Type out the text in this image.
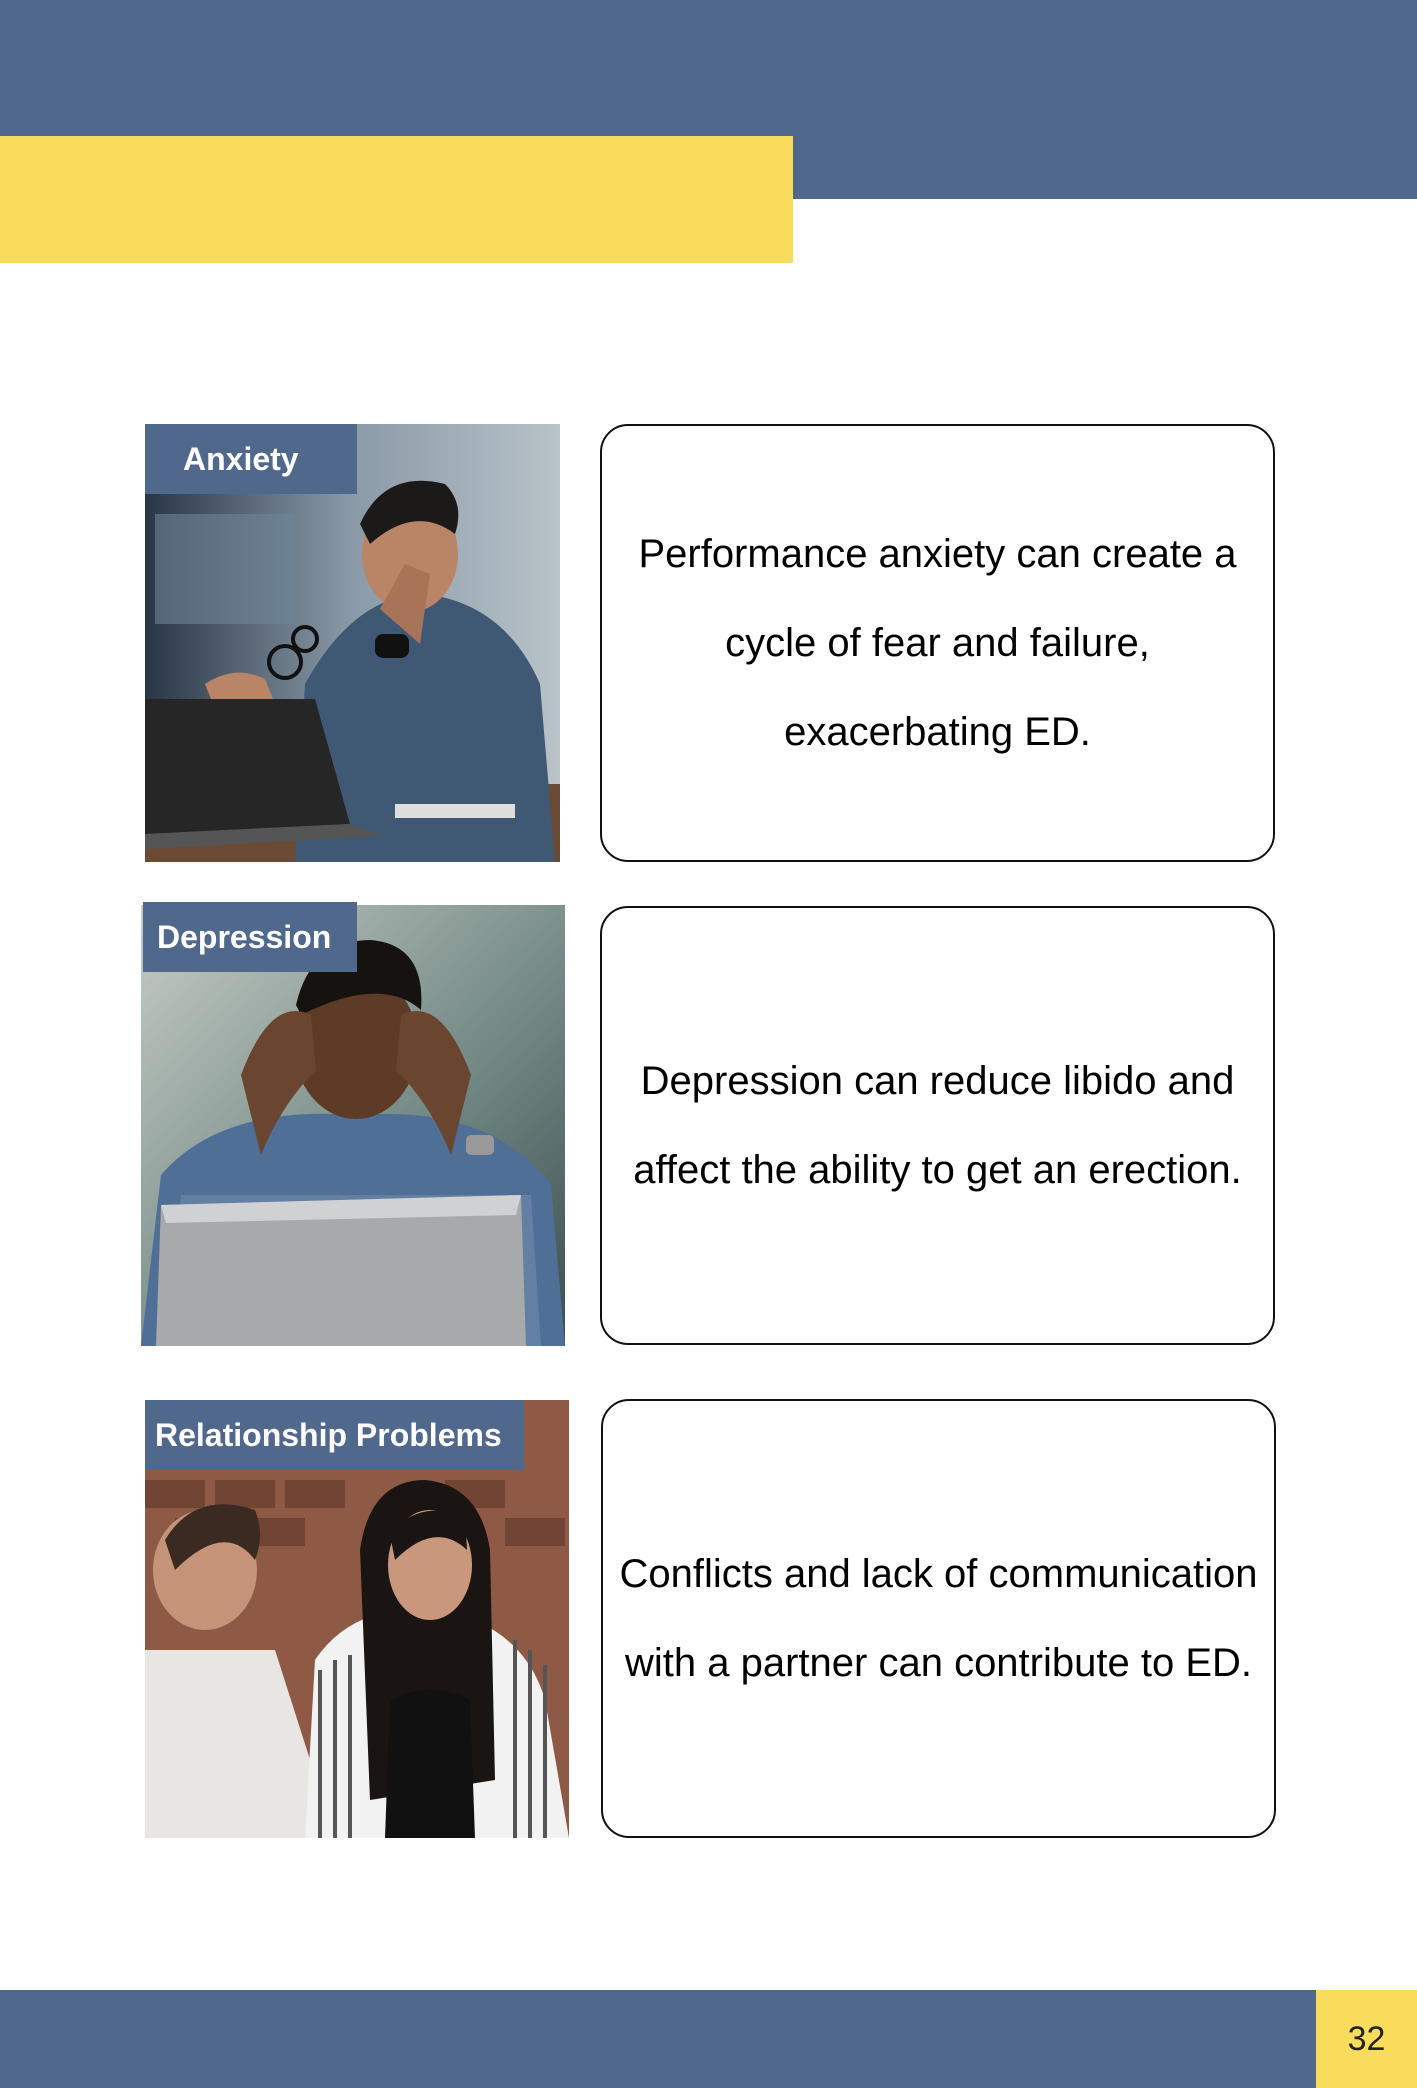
Anxiety
Performance anxiety can create a cycle of fear and failure, exacerbating ED.
Depression
Depression can reduce libido and affect the ability to get an erection.
Relationship Problems
Conflicts and lack of communication with a partner can contribute to ED.
32
